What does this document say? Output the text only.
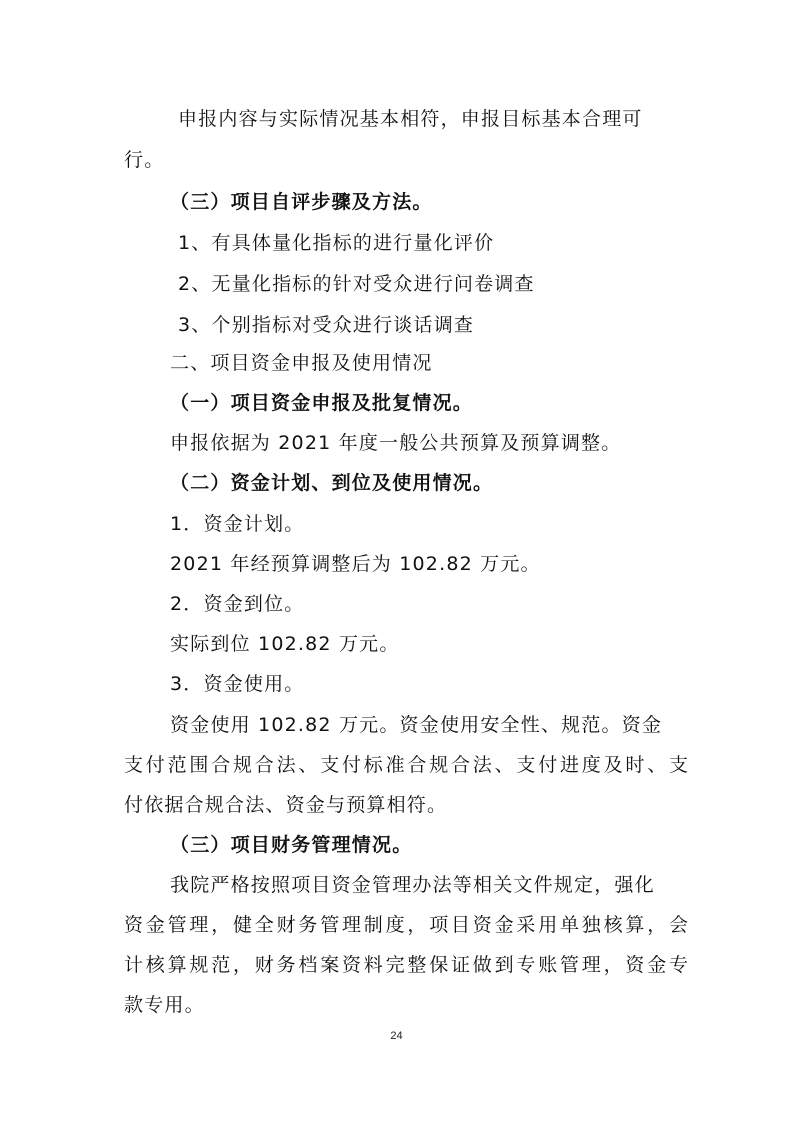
申报内容与实际情况基本相符，申报目标基本合理可
行。
（三）项目自评步骤及方法。
1、有具体量化指标的进行量化评价
2、无量化指标的针对受众进行问卷调查
3、个别指标对受众进行谈话调查
二、项目资金申报及使用情况
（一）项目资金申报及批复情况。
申报依据为 2021 年度一般公共预算及预算调整。
（二）资金计划、到位及使用情况。
1．资金计划。
2021 年经预算调整后为 102.82 万元。
2．资金到位。
实际到位 102.82 万元。
3．资金使用。
资金使用 102.82 万元。资金使用安全性、规范。资金
支付范围合规合法、支付标准合规合法、支付进度及时、支
付依据合规合法、资金与预算相符。
（三）项目财务管理情况。
我院严格按照项目资金管理办法等相关文件规定，强化
资金管理，健全财务管理制度，项目资金采用单独核算，会
计核算规范，财务档案资料完整保证做到专账管理，资金专
款专用。
24
